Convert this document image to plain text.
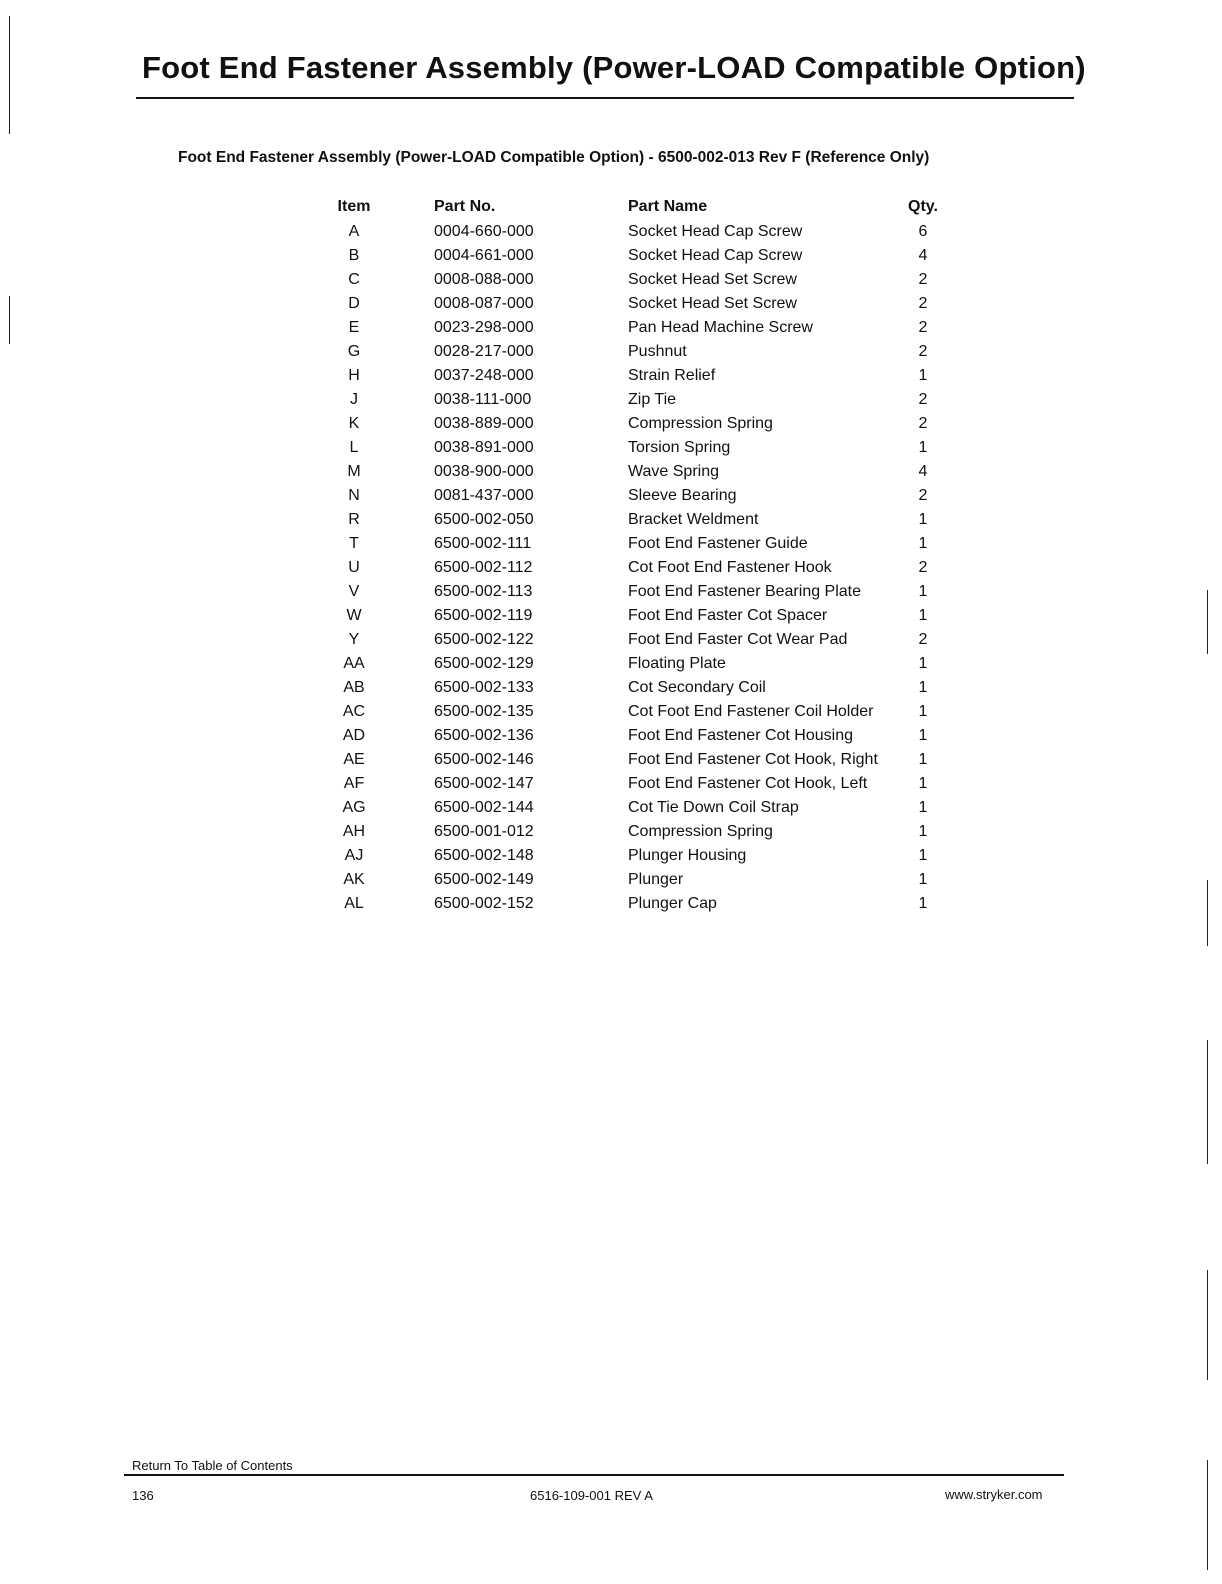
Foot End Fastener Assembly (Power-LOAD Compatible Option)
Foot End Fastener Assembly (Power-LOAD Compatible Option) - 6500-002-013 Rev F (Reference Only)
Item	Part No.	Part Name	Qty.
A	0004-660-000	Socket Head Cap Screw	6
B	0004-661-000	Socket Head Cap Screw	4
C	0008-088-000	Socket Head Set Screw	2
D	0008-087-000	Socket Head Set Screw	2
E	0023-298-000	Pan Head Machine Screw	2
G	0028-217-000	Pushnut	2
H	0037-248-000	Strain Relief	1
J	0038-111-000	Zip Tie	2
K	0038-889-000	Compression Spring	2
L	0038-891-000	Torsion Spring	1
M	0038-900-000	Wave Spring	4
N	0081-437-000	Sleeve Bearing	2
R	6500-002-050	Bracket Weldment	1
T	6500-002-111	Foot End Fastener Guide	1
U	6500-002-112	Cot Foot End Fastener Hook	2
V	6500-002-113	Foot End Fastener Bearing Plate	1
W	6500-002-119	Foot End Faster Cot Spacer	1
Y	6500-002-122	Foot End Faster Cot Wear Pad	2
AA	6500-002-129	Floating Plate	1
AB	6500-002-133	Cot Secondary Coil	1
AC	6500-002-135	Cot Foot End Fastener Coil Holder	1
AD	6500-002-136	Foot End Fastener Cot Housing	1
AE	6500-002-146	Foot End Fastener Cot Hook, Right	1
AF	6500-002-147	Foot End Fastener Cot Hook, Left	1
AG	6500-002-144	Cot Tie Down Coil Strap	1
AH	6500-001-012	Compression Spring	1
AJ	6500-002-148	Plunger Housing	1
AK	6500-002-149	Plunger	1
AL	6500-002-152	Plunger Cap	1
Return To Table of Contents
136	6516-109-001 REV A	www.stryker.com
